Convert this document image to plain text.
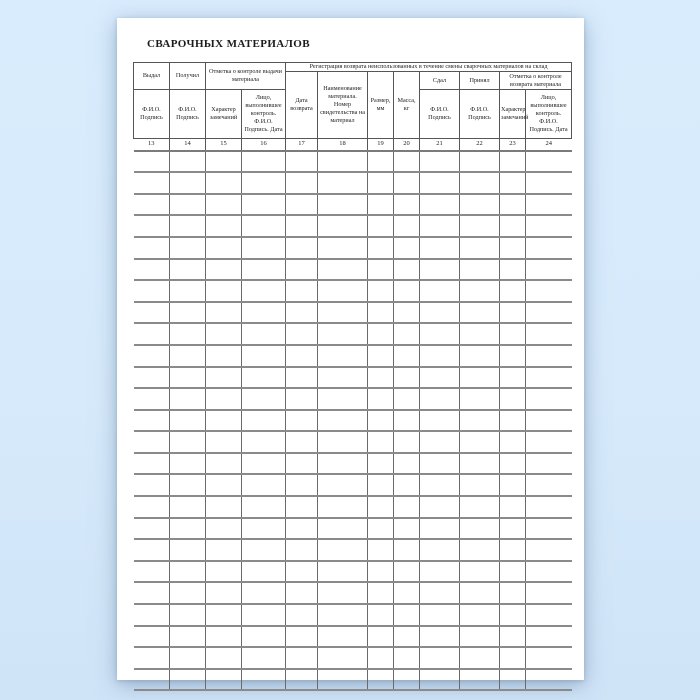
СВАРОЧНЫХ МАТЕРИАЛОВ
Выдал	Получил	Отметка о контроле выдачи материала		Регистрация возврата неиспользованных в течение смены сварочных материалов на склад							
				Дата возврата	Наименование материала. Номер свидетельства на материал	Размер, мм	Масса, кг	Сдал	Принял	Отметка о контроле возврата материала	
Ф.И.О. Подпись	Ф.И.О. Подпись	Характер замечаний	Лицо, выполнившее контроль. Ф.И.О. Подпись. Дата					Ф.И.О. Подпись	Ф.И.О. Подпись	Характер замечаний	Лицо, выполнившее контроль. Ф.И.О. Подпись. Дата
13	14	15	16	17	18	19	20	21	22	23	24
